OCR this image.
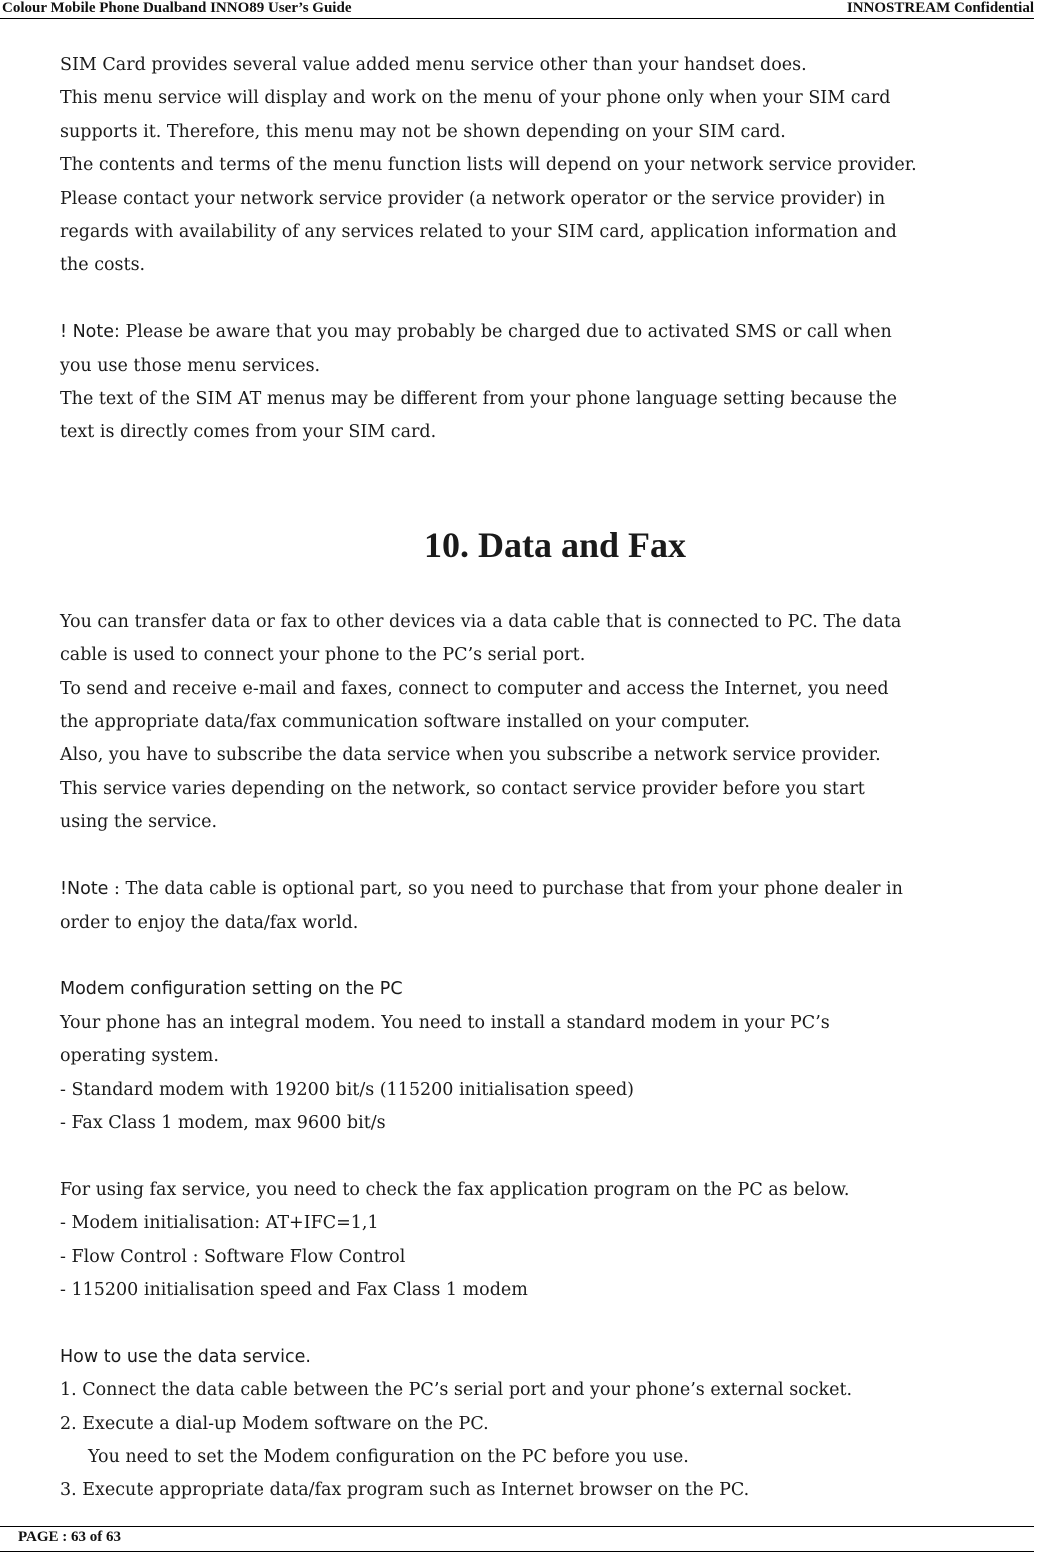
Colour Mobile Phone Dualband INNO89 User’s Guide	INNOSTREAM Confidential

SIM Card provides several value added menu service other than your handset does.

This menu service will display and work on the menu of your phone only when your SIM card

supports it. Therefore, this menu may not be shown depending on your SIM card.

The contents and terms of the menu function lists will depend on your network service provider.

Please contact your network service provider (a network operator or the service provider) in

regards with availability of any services related to your SIM card, application information and

the costs.

! Note: Please be aware that you may probably be charged due to activated SMS or call when

you use those menu services.

The text of the SIM AT menus may be different from your phone language setting because the

text is directly comes from your SIM card.

10. Data and Fax

You can transfer data or fax to other devices via a data cable that is connected to PC. The data

cable is used to connect your phone to the PC’s serial port.

To send and receive e-mail and faxes, connect to computer and access the Internet, you need

the appropriate data/fax communication software installed on your computer.

Also, you have to subscribe the data service when you subscribe a network service provider.

This service varies depending on the network, so contact service provider before you start

using the service.

!Note : The data cable is optional part, so you need to purchase that from your phone dealer in

order to enjoy the data/fax world.

Modem configuration setting on the PC

Your phone has an integral modem. You need to install a standard modem in your PC’s

operating system.

- Standard modem with 19200 bit/s (115200 initialisation speed)

- Fax Class 1 modem, max 9600 bit/s

For using fax service, you need to check the fax application program on the PC as below.

- Modem initialisation: AT+IFC=1,1

- Flow Control : Software Flow Control

- 115200 initialisation speed and Fax Class 1 modem

How to use the data service.

1. Connect the data cable between the PC’s serial port and your phone’s external socket.

2. Execute a dial-up Modem software on the PC.

You need to set the Modem configuration on the PC before you use.

3. Execute appropriate data/fax program such as Internet browser on the PC.

PAGE : 63 of 63
